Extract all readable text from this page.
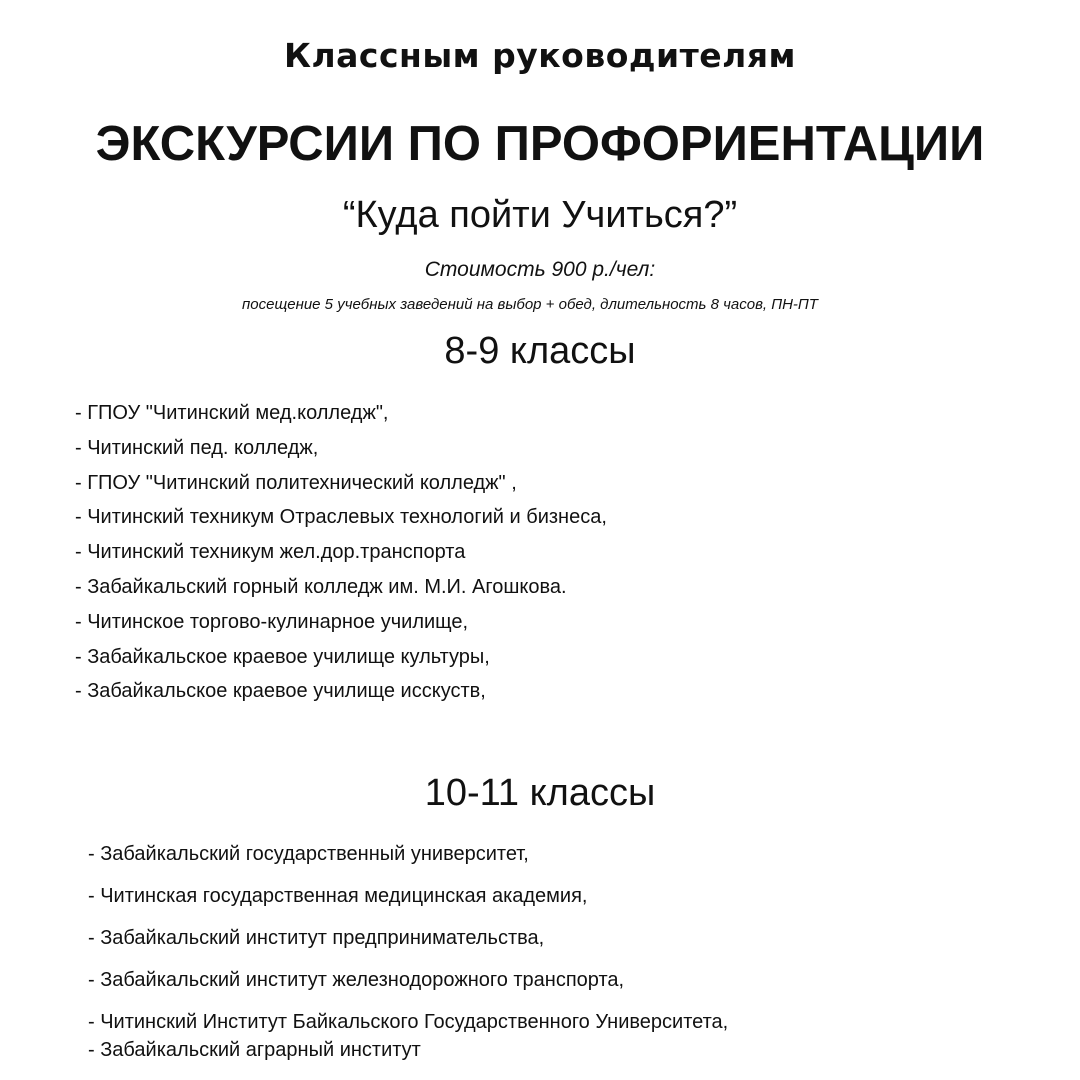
Классным руководителям
ЭКСКУРСИИ ПО ПРОФОРИЕНТАЦИИ
“Куда пойти Учиться?”
Стоимость 900 р./чел:
посещение 5 учебных заведений на выбор + обед, длительность 8 часов, ПН-ПТ
8-9 классы
- ГПОУ "Читинский мед.колледж",
- Читинский пед. колледж,
- ГПОУ "Читинский политехнический колледж" ,
- Читинский техникум Отраслевых технологий и бизнеса,
- Читинский техникум жел.дор.транспорта
- Забайкальский горный колледж им. М.И. Агошкова.
- Читинское торгово-кулинарное училище,
- Забайкальское краевое училище культуры,
- Забайкальское краевое училище исскуств,
10-11 классы
- Забайкальский государственный университет,
- Читинская государственная медицинская академия,
- Забайкальский институт предпринимательства,
- Забайкальский институт железнодорожного транспорта,
- Читинский Институт Байкальского Государственного Университета,
- Забайкальский аграрный институт
